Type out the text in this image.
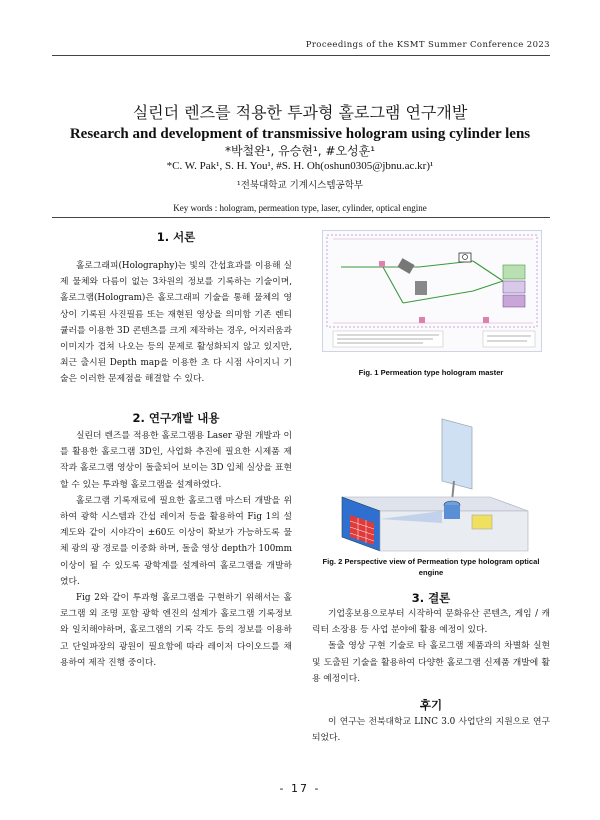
Proceedings of the KSMT Summer Conference 2023
실린더 렌즈를 적용한 투과형 홀로그램 연구개발
Research and development of transmissive hologram using cylinder lens
*박철완¹, 유승현¹, #오성훈¹
*C. W. Pak¹, S. H. You¹, #S. H. Oh(oshun0305@jbnu.ac.kr)¹
¹전북대학교 기계시스템공학부
Key words : hologram, permeation type, laser, cylinder, optical engine
1. 서론

홀로그래피(Holography)는 빛의 간섭효과를 이용해 실제 물체와 다름이 없는 3차원의 정보를 기록하는 기술이며, 홀로그램(Hologram)은 홀로그래피 기술을 통해 물체의 영상이 기록된 사진필름 또는 재현된 영상을 의미함 기존 렌티큘러를 이용한 3D 콘텐츠를 크게 제작하는 경우, 어지러움과 이미지가 겹쳐 나오는 등의 문제로 활성화되지 않고 있지만, 최근 출시된 Depth map을 이용한 초 다 시점 사이지니 기술은 이러한 문제점을 해결할 수 있다.

2. 연구개발 내용

실린더 렌즈를 적용한 홀로그램용 Laser 광원 개발과 이를 활용한 홀로그램 3D인, 사업화 추진에 필요한 시제품 제작과 홀로그램 영상이 돌출되어 보이는 3D 입체 실상을 표현할 수 있는 투과형 홀로그램을 설계하였다.

홀로그램 기록재료에 필요한 홀로그램 마스터 개발을 위하여 광학 시스템과 간섭 레이저 등을 활용하여 Fig 1의 설계도와 같이 시야각이 ±60도 이상이 확보가 가능하도록 물체 광의 광 경로를 이중화 하며, 돌출 영상 depth가 100mm 이상이 될 수 있도록 광학계를 설계하여 홀로그램을 개발하였다.

Fig 2와 같이 투과형 홀로그램을 구현하기 위해서는 홀로그램 외 조명 포함 광학 엔진의 설계가 홀로그램 기록정보와 일치해야하며, 홀로그램의 기록 각도 등의 정보를 이용하고 단일파장의 광원이 필요함에 따라 레이저 다이오드를 채용하여 제작 진행 중이다.

Fig. 1 Permeation type hologram master
Fig. 2 Perspective view of Permeation type hologram optical
engine
3. 결론

기업홍보용으로부터 시작하여 문화유산 콘텐츠, 게임 / 캐릭터 소장용 등 사업 분야에 활용 예정이 있다.

돌출 영상 구현 기술로 타 홀로그램 제품과의 차별화 실현 및 도출된 기술을 활용하여 다양한 홀로그램 신제품 개발에 활용 예정이다.

후기

이 연구는 전북대학교 LINC 3.0 사업단의 지원으로 연구되었다.

- 17 -
